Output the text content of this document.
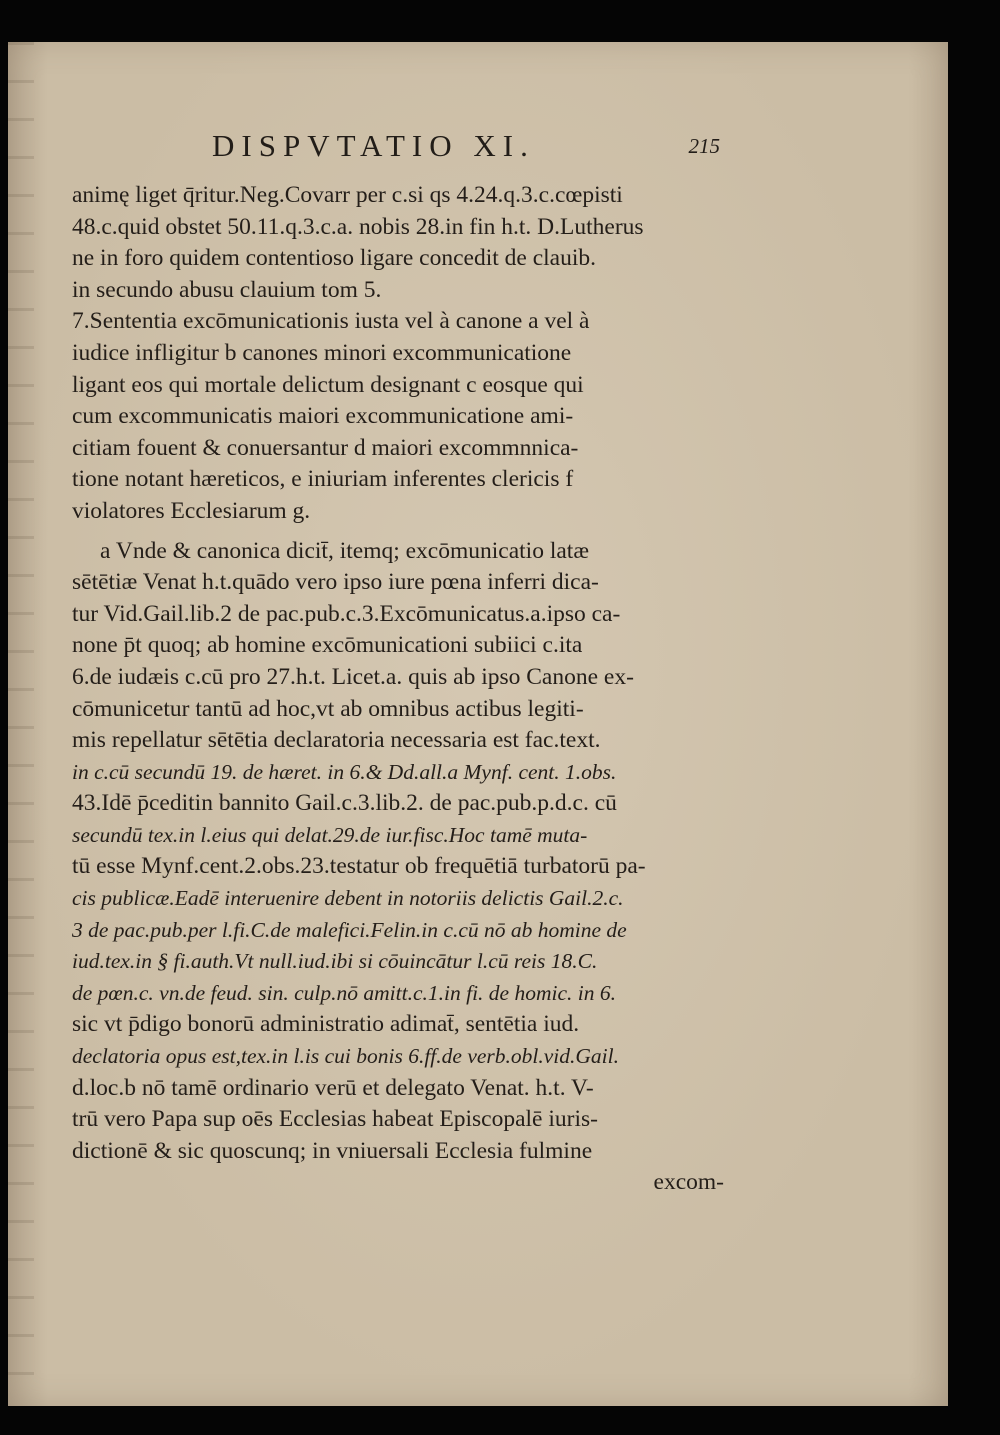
DISPVTATIO XI.	215
animę liget q̄ritur.Neg.Covarr per c.si qs 4.24.q.3.c.cœpisti
48.c.quid obstet 50.11.q.3.c.a. nobis 28.in fin h.t. D.Lutherus
ne in foro quidem contentioso ligare concedit de clauib.
in secundo abusu clauium tom 5.
7.Sententia excōmunicationis iusta vel à canone a vel à
iudice infligitur b canones minori excommunicatione
ligant eos qui mortale delictum designant c eosque qui
cum excommunicatis maiori excommunicatione ami-
citiam fouent & conuersantur d maiori excommnnica-
tione notant hæreticos, e iniuriam inferentes clericis f
violatores Ecclesiarum g.
a Vnde & canonica dicit̄, itemq; excōmunicatio latæ
sētētiæ Venat h.t.quādo vero ipso iure pœna inferri dica-
tur Vid.Gail.lib.2 de pac.pub.c.3.Excōmunicatus.a.ipso ca-
none p̄t quoq; ab homine excōmunicationi subiici c.ita
6.de iudæis c.cū pro 27.h.t. Licet.a. quis ab ipso Canone ex-
cōmunicetur tantū ad hoc,vt ab omnibus actibus legiti-
mis repellatur sētētia declaratoria necessaria est fac.text.
in c.cū secundū 19. de hæret. in 6.& Dd.all.a Mynf. cent. 1.obs.
43.Idē p̄ceditin bannito Gail.c.3.lib.2. de pac.pub.p.d.c. cū
secundū tex.in l.eius qui delat.29.de iur.fisc.Hoc tamē muta-
tū esse Mynf.cent.2.obs.23.testatur ob frequētiā turbatorū pa-
cis publicæ.Eadē interuenire debent in notoriis delictis Gail.2.c.
3 de pac.pub.per l.fi.C.de malefici.Felin.in c.cū nō ab homine de
iud.tex.in § fi.auth.Vt null.iud.ibi si cōuincātur l.cū reis 18.C.
de pœn.c. vn.de feud. sin. culp.nō amitt.c.1.in fi. de homic. in 6.
sic vt p̄digo bonorū administratio adimat̄, sentētia iud.
declatoria opus est,tex.in l.is cui bonis 6.ff.de verb.obl.vid.Gail.
d.loc.b nō tamē ordinario verū et delegato Venat. h.t. V-
trū vero Papa sup oēs Ecclesias habeat Episcopalē iuris-
dictionē & sic quoscunq; in vniuersali Ecclesia fulmine
excom-
